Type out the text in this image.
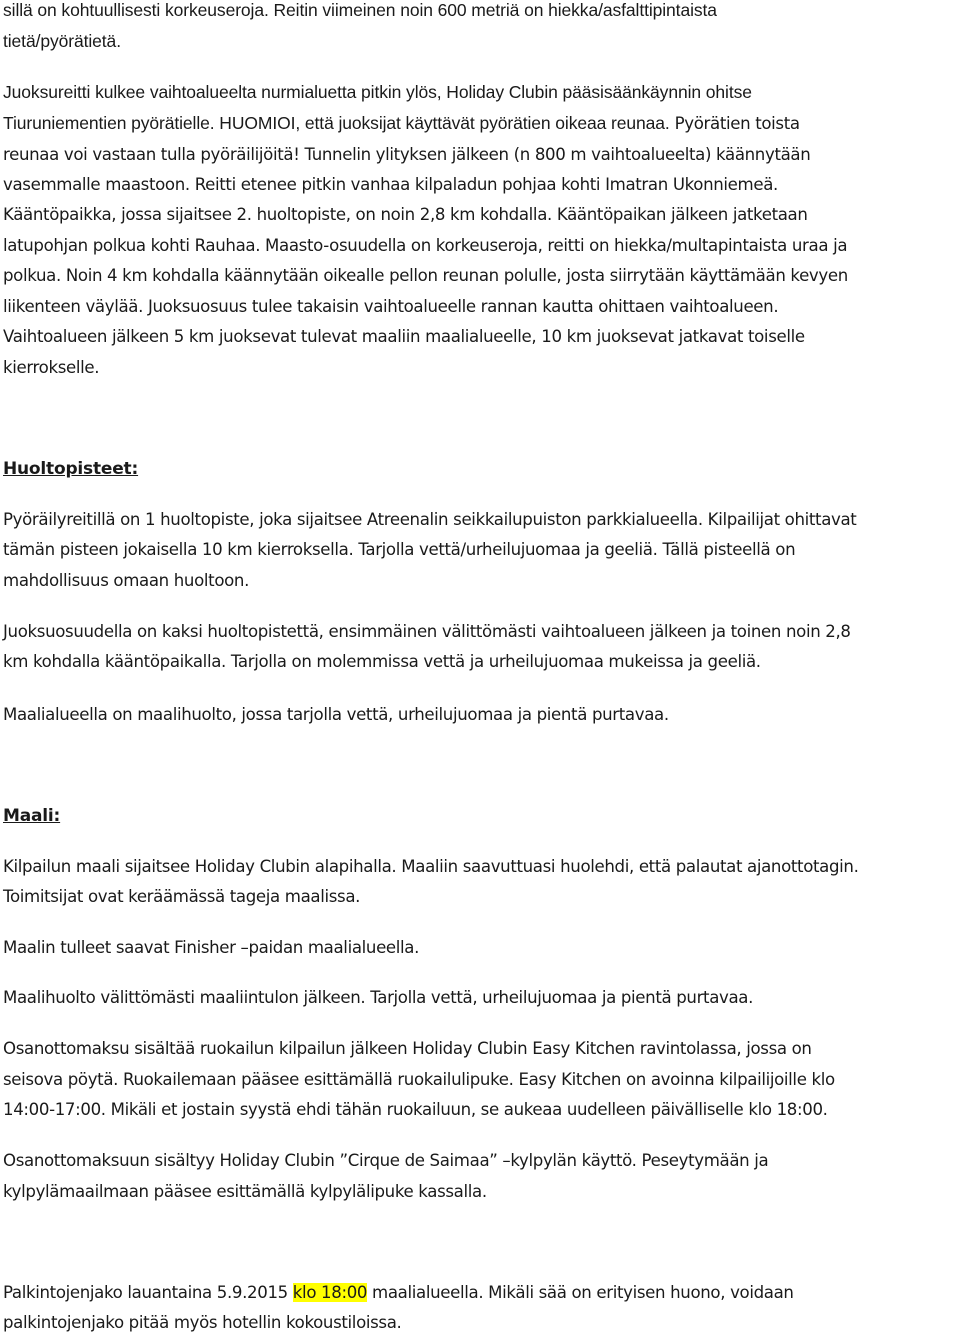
sillä on kohtuullisesti korkeuseroja. Reitin viimeinen noin 600 metriä on hiekka/asfalttipintaista
tietä/pyörätietä.
Juoksureitti kulkee vaihtoalueelta nurmialuetta pitkin ylös, Holiday Clubin pääsisäänkäynnin ohitse
Tiuruniementien pyörätielle. HUOMIOI, että juoksijat käyttävät pyörätien oikeaa reunaa. Pyörätien toista
reunaa voi vastaan tulla pyöräilijöitä! Tunnelin ylityksen jälkeen (n 800 m vaihtoalueelta) käännytään
vasemmalle maastoon. Reitti etenee pitkin vanhaa kilpaladun pohjaa kohti Imatran Ukonniemeä.
Kääntöpaikka, jossa sijaitsee 2. huoltopiste, on noin 2,8 km kohdalla. Kääntöpaikan jälkeen jatketaan
latupohjan polkua kohti Rauhaa. Maasto-osuudella on korkeuseroja, reitti on hiekka/multapintaista uraa ja
polkua. Noin 4 km kohdalla käännytään oikealle pellon reunan polulle, josta siirrytään käyttämään kevyen
liikenteen väylää. Juoksuosuus tulee takaisin vaihtoalueelle rannan kautta ohittaen vaihtoalueen.
Vaihtoalueen jälkeen 5 km juoksevat tulevat maaliin maalialueelle, 10 km juoksevat jatkavat toiselle
kierrokselle.
Huoltopisteet:
Pyöräilyreitillä on 1 huoltopiste, joka sijaitsee Atreenalin seikkailupuiston parkkialueella. Kilpailijat ohittavat
tämän pisteen jokaisella 10 km kierroksella. Tarjolla vettä/urheilujuomaa ja geeliä. Tällä pisteellä on
mahdollisuus omaan huoltoon.
Juoksuosuudella on kaksi huoltopistettä, ensimmäinen välittömästi vaihtoalueen jälkeen ja toinen noin 2,8
km kohdalla kääntöpaikalla. Tarjolla on molemmissa vettä ja urheilujuomaa mukeissa ja geeliä.
Maalialueella on maalihuolto, jossa tarjolla vettä, urheilujuomaa ja pientä purtavaa.
Maali:
Kilpailun maali sijaitsee Holiday Clubin alapihalla. Maaliin saavuttuasi huolehdi, että palautat ajanottotagin.
Toimitsijat ovat keräämässä tageja maalissa.
Maalin tulleet saavat Finisher –paidan maalialueella.
Maalihuolto välittömästi maaliintulon jälkeen. Tarjolla vettä, urheilujuomaa ja pientä purtavaa.
Osanottomaksu sisältää ruokailun kilpailun jälkeen Holiday Clubin Easy Kitchen ravintolassa, jossa on
seisova pöytä. Ruokailemaan pääsee esittämällä ruokailulipuke. Easy Kitchen on avoinna kilpailijoille klo
14:00-17:00. Mikäli et jostain syystä ehdi tähän ruokailuun, se aukeaa uudelleen päivälliselle klo 18:00.
Osanottomaksuun sisältyy Holiday Clubin ”Cirque de Saimaa” –kylpylän käyttö. Peseytymään ja
kylpylämaailmaan pääsee esittämällä kylpylälipuke kassalla.
Palkintojenjako lauantaina 5.9.2015 klo 18:00 maalialueella. Mikäli sää on erityisen huono, voidaan
palkintojenjako pitää myös hotellin kokoustiloissa.
